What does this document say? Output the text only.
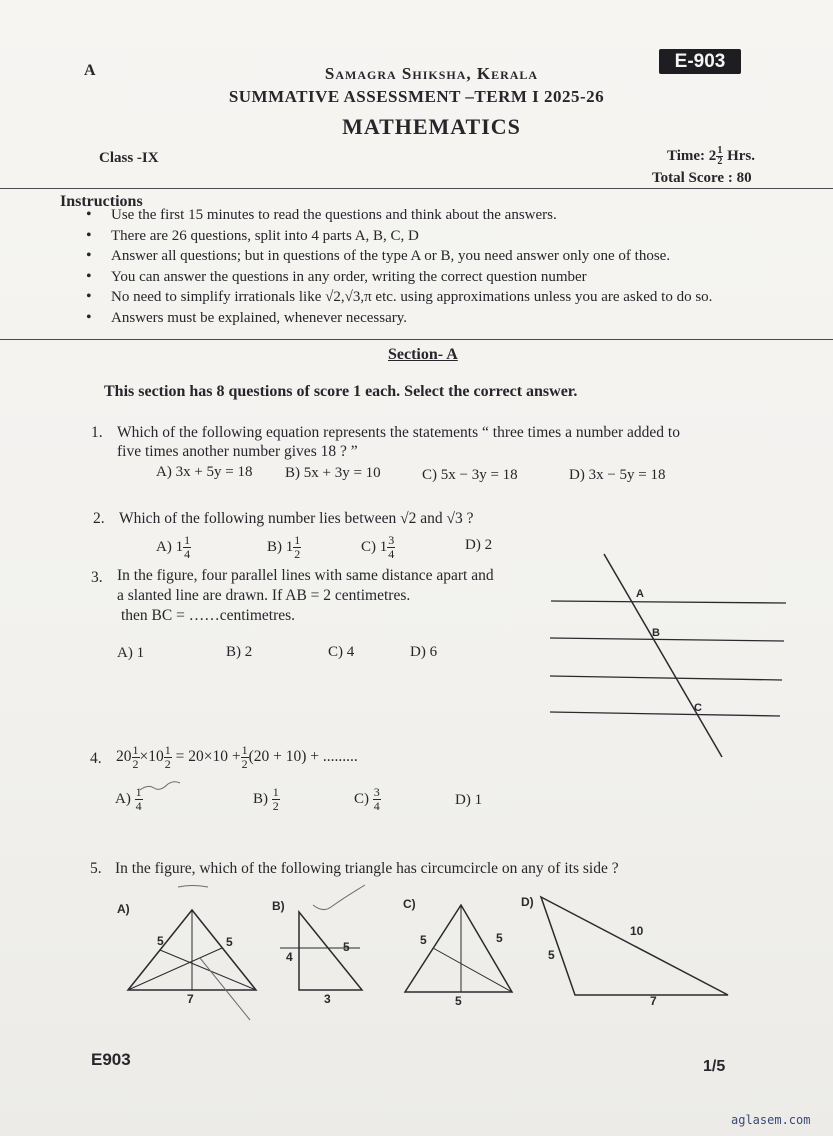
A	E-903
Samagra Shiksha, Kerala
SUMMATIVE ASSESSMENT –TERM I 2025-26
MATHEMATICS
Class -IX	Time: $2 \frac{1}{2}$ Hrs.
Total Score : 80
Instructions
• Use the first 15 minutes to read the questions and think about the answers.
• There are 26 questions, split into 4 parts A, B, C, D
• Answer all questions; but in questions of the type A or B, you need answer only one of those.
• You can answer the questions in any order, writing the correct question number
• No need to simplify irrationals like √2,√3,π etc. using approximations unless you are asked to do so.
• Answers must be explained, whenever necessary.
Section- A
This section has 8 questions of score 1 each. Select the correct answer.
1. Which of the following equation represents the statements “ three times a number added to
five times another number gives 18 ? ”
A) 3x + 5y = 18 B) 5x + 3y = 10	C) 5x − 3y = 18	D) 3x − 5y = 18
2. Which of the following number lies between √2 and √3 ?
A) $1 \frac{1}{4}$	B) $1 \frac{1}{2}$	C) $1 \frac{3}{4}$	D) 2
3. In the figure, four parallel lines with same distance apart and
a slanted line are drawn. If AB = 2 centimetres.
then BC = ……centimetres.
A) 1	B) 2	C) 4	D) 6
A
B
C
4. $20 \frac{1}{2} \times 10 \frac{1}{2} = 20\times 10 + \frac{1}{2} (20 + 10)$ + .........
$A) \frac{1}{4}$	$B) \frac{1}{2}$	$C) \frac{3}{4}$	D) 1
5. In the figure, which of the following triangle has circumcircle on any of its side ?
A)
5	5
7
B)
4
5
3
C)
5	5
5
D)
5
10
7
E903	1/5
aglasem.com
